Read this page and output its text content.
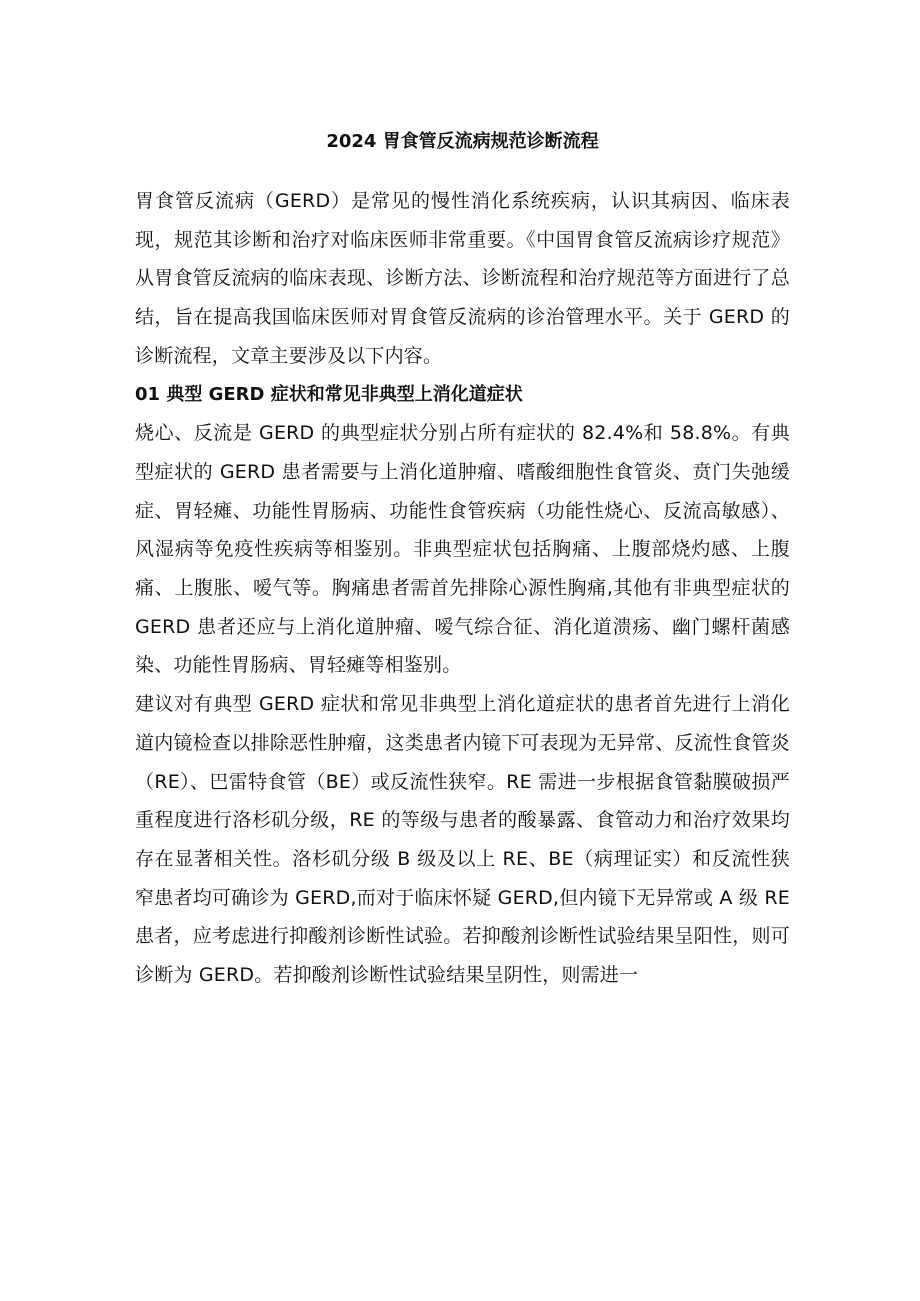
2024 胃食管反流病规范诊断流程

胃食管反流病（GERD）是常见的慢性消化系统疾病，认识其病因、临床表现，规范其诊断和治疗对临床医师非常重要。《中国胃食管反流病诊疗规范》从胃食管反流病的临床表现、诊断方法、诊断流程和治疗规范等方面进行了总结，旨在提高我国临床医师对胃食管反流病的诊治管理水平。关于 GERD 的诊断流程，文章主要涉及以下内容。

01 典型 GERD 症状和常见非典型上消化道症状

烧心、反流是 GERD 的典型症状分别占所有症状的 82.4%和 58.8%。有典型症状的 GERD 患者需要与上消化道肿瘤、嗜酸细胞性食管炎、贲门失弛缓症、胃轻瘫、功能性胃肠病、功能性食管疾病（功能性烧心、反流高敏感）、风湿病等免疫性疾病等相鉴别。非典型症状包括胸痛、上腹部烧灼感、上腹痛、上腹胀、嗳气等。胸痛患者需首先排除心源性胸痛,其他有非典型症状的 GERD 患者还应与上消化道肿瘤、嗳气综合征、消化道溃疡、幽门螺杆菌感染、功能性胃肠病、胃轻瘫等相鉴别。

建议对有典型 GERD 症状和常见非典型上消化道症状的患者首先进行上消化道内镜检查以排除恶性肿瘤，这类患者内镜下可表现为无异常、反流性食管炎（RE）、巴雷特食管（BE）或反流性狭窄。RE 需进一步根据食管黏膜破损严重程度进行洛杉矶分级，RE 的等级与患者的酸暴露、食管动力和治疗效果均存在显著相关性。洛杉矶分级 B 级及以上 RE、BE（病理证实）和反流性狭窄患者均可确诊为 GERD,而对于临床怀疑 GERD,但内镜下无异常或 A 级 RE 患者，应考虑进行抑酸剂诊断性试验。若抑酸剂诊断性试验结果呈阳性，则可诊断为 GERD。若抑酸剂诊断性试验结果呈阴性，则需进一
